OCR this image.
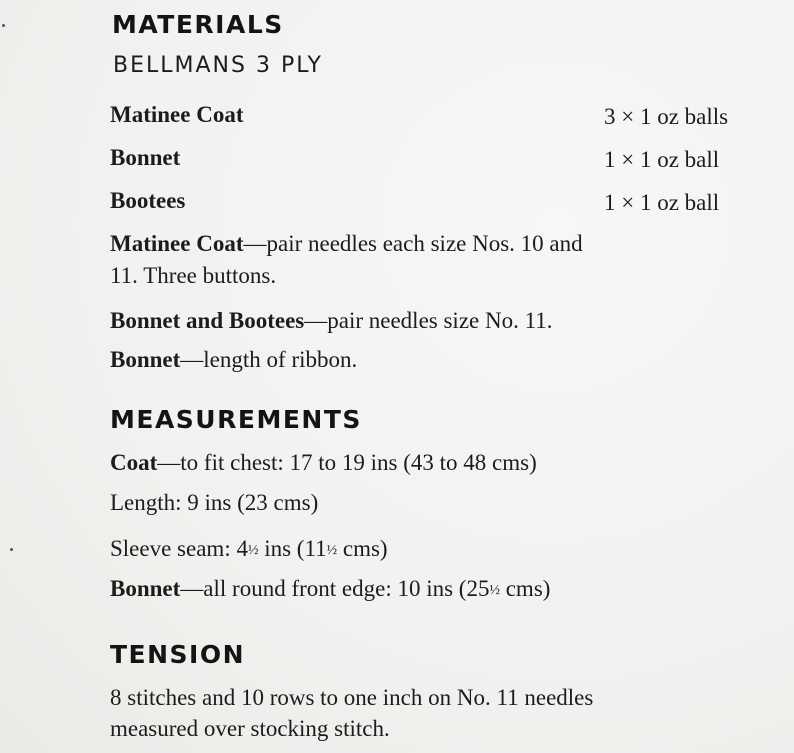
MATERIALS
BELLMANS 3 PLY
Matinee Coat	3 × 1 oz balls
Bonnet	1 × 1 oz ball
Bootees	1 × 1 oz ball
Matinee Coat—pair needles each size Nos. 10 and
11. Three buttons.
Bonnet and Bootees—pair needles size No. 11.
Bonnet—length of ribbon.
MEASUREMENTS
Coat—to fit chest: 17 to 19 ins (43 to 48 cms)
Length: 9 ins (23 cms)
Sleeve seam: 4½ ins (11½ cms)
Bonnet—all round front edge: 10 ins (25½ cms)
TENSION
8 stitches and 10 rows to one inch on No. 11 needles
measured over stocking stitch.
